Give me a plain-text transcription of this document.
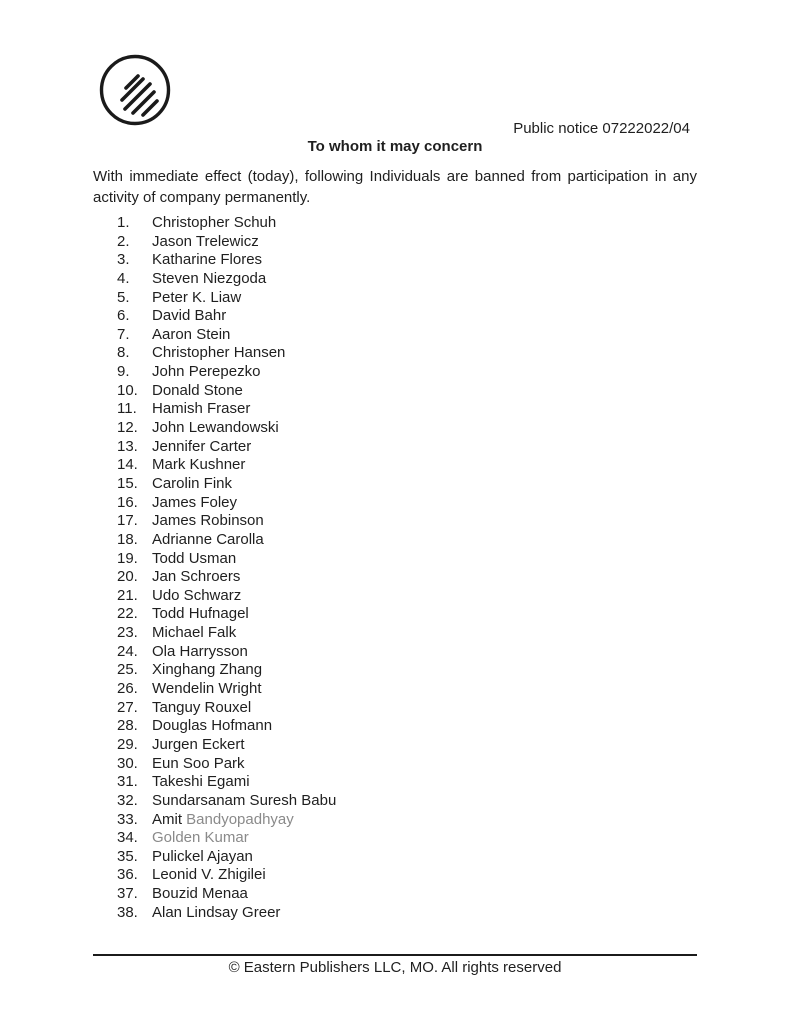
Public notice 07222022/04
To whom it may concern

With immediate effect (today), following Individuals are banned from participation in any activity of company permanently.

1.	Christopher Schuh
2.	Jason Trelewicz
3.	Katharine Flores
4.	Steven Niezgoda
5.	Peter K. Liaw
6.	David Bahr
7.	Aaron Stein
8.	Christopher Hansen
9.	John Perepezko
10. Donald Stone
11.	Hamish Fraser
12. John Lewandowski
13. Jennifer Carter
14. Mark Kushner
15. Carolin Fink
16. James Foley
17. James Robinson
18. Adrianne Carolla
19. Todd Usman
20. Jan Schroers
21. Udo Schwarz
22. Todd Hufnagel
23. Michael Falk
24. Ola Harrysson
25. Xinghang Zhang
26. Wendelin Wright
27. Tanguy Rouxel
28. Douglas Hofmann
29. Jurgen Eckert
30. Eun Soo Park
31. Takeshi Egami
32. Sundarsanam Suresh Babu
33. Amit Bandyopadhyay
34. Golden Kumar
35. Pulickel Ajayan
36. Leonid V. Zhigilei
37. Bouzid Menaa
38. Alan Lindsay Greer
© Eastern Publishers LLC, MO. All rights reserved
